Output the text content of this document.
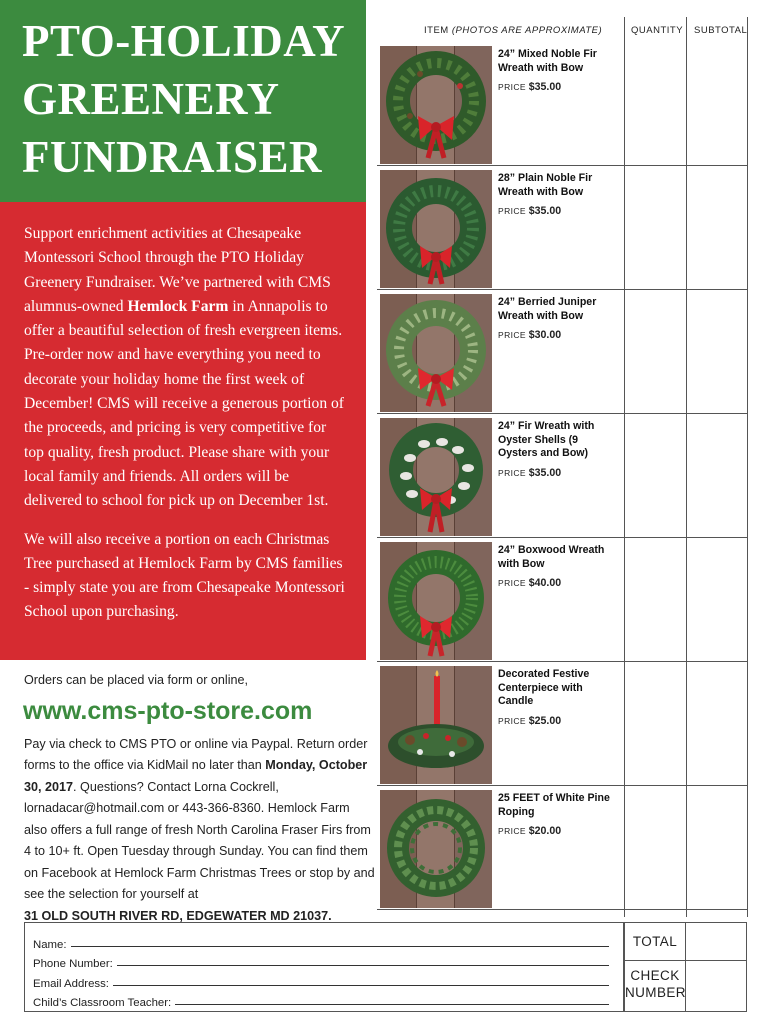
PTO-HOLIDAY
GREENERY
FUNDRAISER

Support enrichment activities at Chesapeake Montessori School through the PTO Holiday Greenery Fundraiser. We’ve partnered with CMS alumnus-owned Hemlock Farm in Annapolis to offer a beautiful selection of fresh evergreen items. Pre-order now and have everything you need to decorate your holiday home the first week of December! CMS will receive a generous portion of the proceeds, and pricing is very competitive for top quality, fresh product. Please share with your local family and friends. All orders will be delivered to school for pick up on December 1st.

We will also receive a portion on each Christmas Tree purchased at Hemlock Farm by CMS families - simply state you are from Chesapeake Montessori School upon purchasing.

Orders can be placed via form or online,
www.cms-pto-store.com
Pay via check to CMS PTO or online via Paypal. Return order forms to the office via KidMail no later than Monday, October 30, 2017. Questions? Contact Lorna Cockrell, lornadacar@hotmail.com or 443-366-8360. Hemlock Farm also offers a full range of fresh North Carolina Fraser Firs from 4 to 10+ ft. Open Tuesday through Sunday. You can find them on Facebook at Hemlock Farm Christmas Trees or stop by and see the selection for yourself at
31 OLD SOUTH RIVER RD, EDGEWATER MD 21037.
ITEM (PHOTOS ARE APPROXIMATE)	QUANTITY SUBTOTAL
24” Mixed Noble Fir Wreath with Bow
PRICE $35.00
28” Plain Noble Fir Wreath with Bow
PRICE $35.00
24” Berried Juniper Wreath with Bow
PRICE $30.00
24” Fir Wreath with Oyster Shells (9 Oysters and Bow)
PRICE $35.00
24” Boxwood Wreath with Bow
PRICE $40.00
Decorated Festive Centerpiece with Candle
PRICE $25.00
25 FEET of White Pine Roping
PRICE $20.00
Name:
Phone Number:
Email Address:
Child’s Classroom Teacher:
TOTAL
CHECK
NUMBER
